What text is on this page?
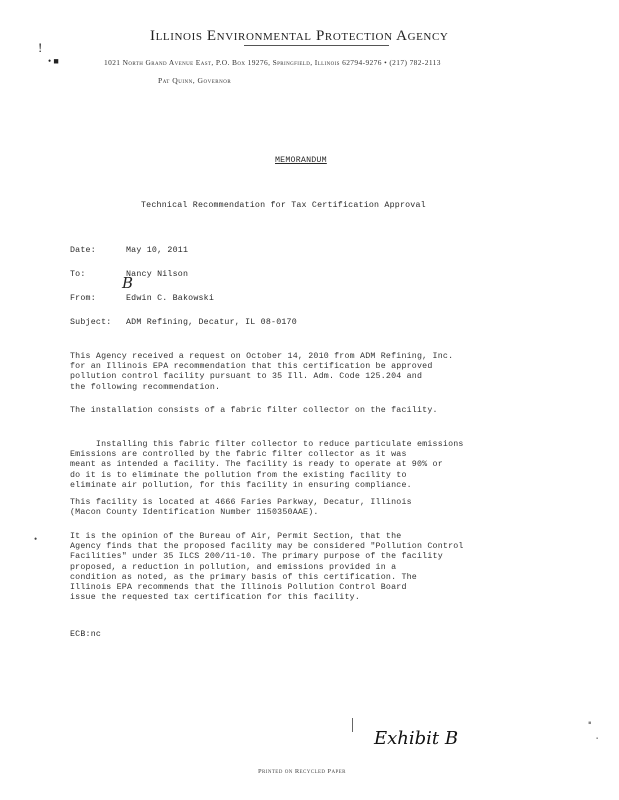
Illinois Environmental Protection Agency
1021 North Grand Avenue East, P.O. Box 19276, Springfield, Illinois 62794-9276 • (217) 782-2113
Pat Quinn, Governor
!
• ■
MEMORANDUM
Technical Recommendation for Tax Certification Approval
Date:	May 10, 2011
To:	Nancy Nilson
B
From:	Edwin C. Bakowski
Subject: ADM Refining, Decatur, IL 08-0170
This Agency received a request on October 14, 2010 from ADM Refining, Inc.
for an Illinois EPA recommendation that this certification be approved
pollution control facility pursuant to 35 Ill. Adm. Code 125.204 and
the following recommendation.
The installation consists of a fabric filter collector on the facility.
Installing this fabric filter collector to reduce particulate emissions
Emissions are controlled by the fabric filter collector as it was
meant as intended a facility. The facility is ready to operate at 90% or
do it is to eliminate the pollution from the existing facility to
eliminate air pollution, for this facility in ensuring compliance.
This facility is located at 4666 Faries Parkway, Decatur, Illinois
(Macon County Identification Number 1150350AAE).
•	It is the opinion of the Bureau of Air, Permit Section, that the
Agency finds that the proposed facility may be considered "Pollution Control
Facilities" under 35 ILCS 200/11-10. The primary purpose of the facility
proposed, a reduction in pollution, and emissions provided in a
condition as noted, as the primary basis of this certification. The
Illinois EPA recommends that the Illinois Pollution Control Board
issue the requested tax certification for this facility.
ECB:nc
Exhibit B
▪
▪
Printed on Recycled Paper
